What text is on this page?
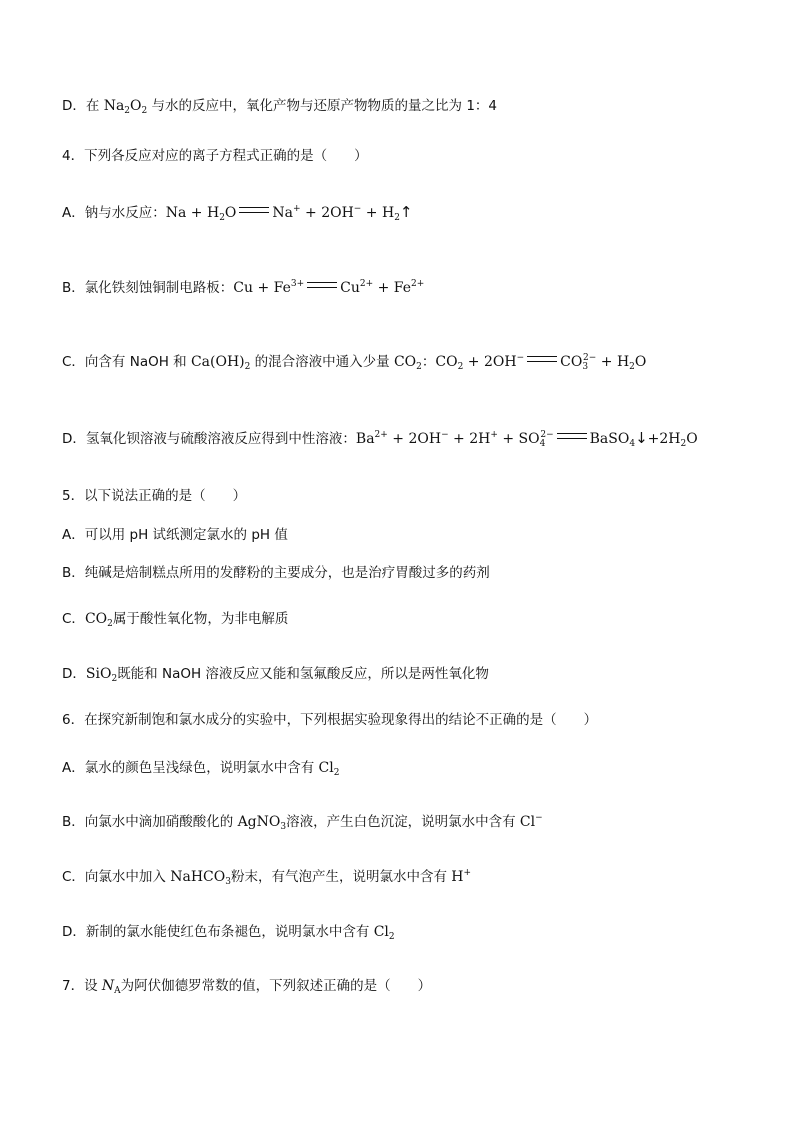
D．在 $Na_2O_2$ 与水的反应中，氧化产物与还原产物物质的量之比为 1：4
4．下列各反应对应的离子方程式正确的是（　　）
A．钠与水反应：$Na + H_2O$	$Na^+ + 2OH^- + H_2↑$
B．氯化铁刻蚀铜制电路板：$Cu + Fe^{3+}$	$Cu^{2+} + Fe^{2+}$
C．向含有 NaOH 和 $Ca(OH)_2$ 的混合溶液中通入少量 $CO_2$：$CO_2 + 2OH^-$	$CO_3^{2-} + H_2O$
D．氢氧化钡溶液与硫酸溶液反应得到中性溶液：$Ba^{2+} + 2OH^- + 2H^+ + SO_4^{2-}$	$BaSO_4↓+2H_2O$
5．以下说法正确的是（　　）
A．可以用 pH 试纸测定氯水的 pH 值
B．纯碱是焙制糕点所用的发酵粉的主要成分，也是治疗胃酸过多的药剂
C．$CO_2$属于酸性氧化物，为非电解质
D．SiO$_2$既能和 NaOH 溶液反应又能和氢氟酸反应，所以是两性氧化物
6．在探究新制饱和氯水成分的实验中，下列根据实验现象得出的结论不正确的是（　　）
A．氯水的颜色呈浅绿色，说明氯水中含有 $Cl_2$
B．向氯水中滴加硝酸酸化的 AgNO$_3$溶液，产生白色沉淀，说明氯水中含有 Cl−
C．向氯水中加入 NaHCO$_3$粉末，有气泡产生，说明氯水中含有 H+
D．新制的氯水能使红色布条褪色，说明氯水中含有 $Cl_2$
7．设 $N_A$为阿伏伽德罗常数的值，下列叙述正确的是（　　）
